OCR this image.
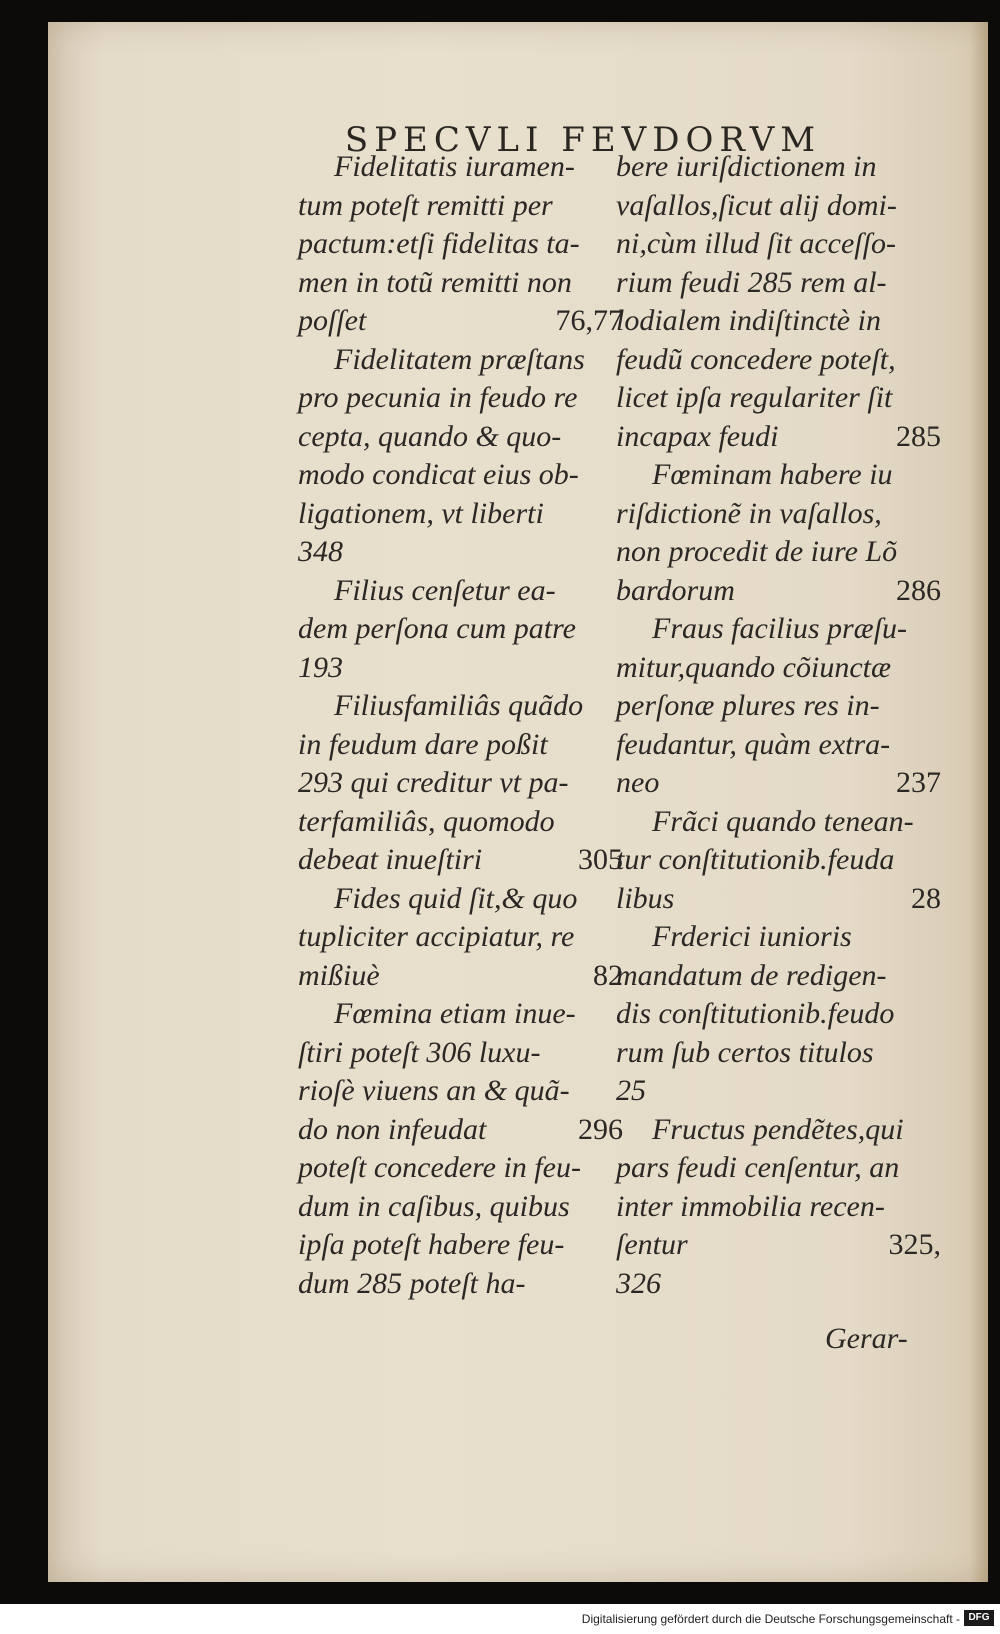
SPECVLI FEVDORVM
Fidelitatis iuramen-
tum poteſt remitti per
pactum:etſi fidelitas ta-
men in totũ remitti non
poſſet	76,77
Fidelitatem præſtans
pro pecunia in feudo re
cepta, quando & quo-
modo condicat eius ob-
ligationem, vt liberti
348
Filius cenſetur ea-
dem perſona cum patre
193
Filiusfamiliâs quãdo
in feudum dare poßit
293 qui creditur vt pa-
terfamiliâs, quomodo
debeat inueſtiri	305
Fides quid ſit,& quo
tupliciter accipiatur, re
mißiuè	82
Fœmina etiam inue-
ſtiri poteſt 306 luxu-
rioſè viuens an & quã-
do non infeudat	296
poteſt concedere in feu-
dum in caſibus, quibus
ipſa poteſt habere feu-
dum 285 poteſt ha-
bere iuriſdictionem in
vaſallos,ſicut alij domi-
ni,cùm illud ſit acceſſo-
rium feudi 285 rem al-
lodialem indiſtinctè in
feudũ concedere poteſt,
licet ipſa regulariter ſit
incapax feudi	285
Fœminam habere iu
riſdictionẽ in vaſallos,
non procedit de iure Lõ
bardorum	286
Fraus facilius præſu-
mitur,quando cõiunctæ
perſonæ plures res in-
feudantur, quàm extra-
neo	237
Frãci quando tenean-
tur conſtitutionib.feuda
libus	28
Frderici iunioris
mandatum de redigen-
dis conſtitutionib.feudo
rum ſub certos titulos
25
Fructus pendẽtes,qui
pars feudi cenſentur, an
inter immobilia recen-
ſentur	325,
326
Gerar-
Digitalisierung gefördert durch die Deutsche Forschungsgemeinschaft - DFG
